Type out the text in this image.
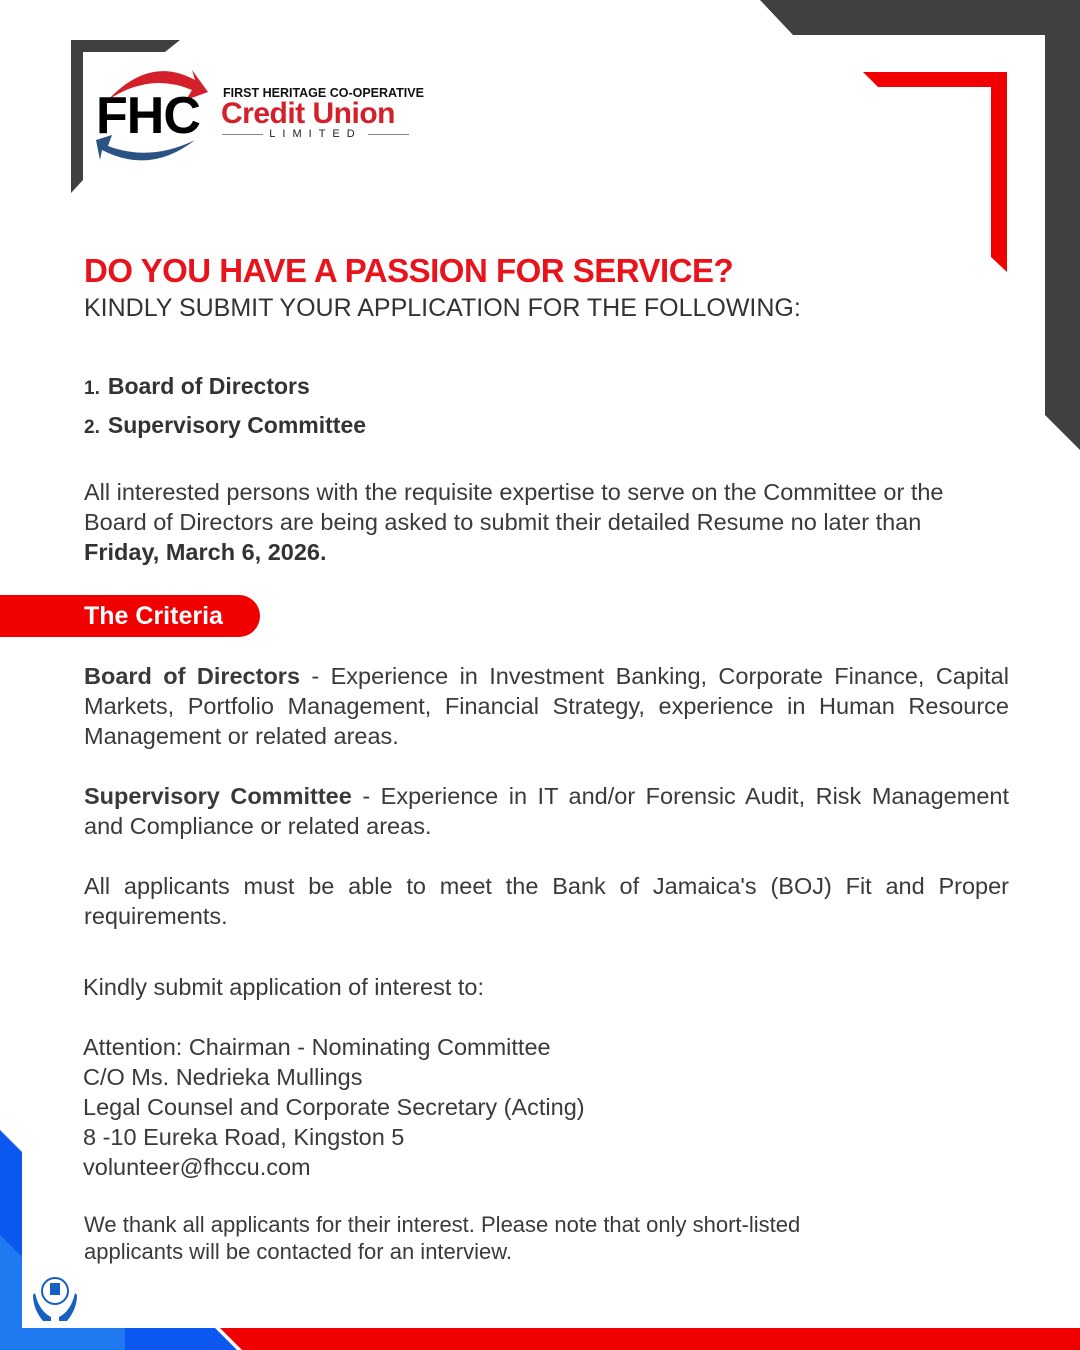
FHC FIRST HERITAGE CO-OPERATIVE
Credit Union
LIMITED
DO YOU HAVE A PASSION FOR SERVICE?
KINDLY SUBMIT YOUR APPLICATION FOR THE FOLLOWING:
1. Board of Directors
2. Supervisory Committee
All interested persons with the requisite expertise to serve on the Committee or the Board of Directors are being asked to submit their detailed Resume no later than Friday, March 6, 2026.
The Criteria
Board of Directors - Experience in Investment Banking, Corporate Finance, Capital Markets, Portfolio Management, Financial Strategy, experience in Human Resource Management or related areas.
Supervisory Committee - Experience in IT and/or Forensic Audit, Risk Management and Compliance or related areas.
All applicants must be able to meet the Bank of Jamaica's (BOJ) Fit and Proper requirements.
Kindly submit application of interest to:
Attention: Chairman - Nominating Committee
C/O Ms. Nedrieka Mullings
Legal Counsel and Corporate Secretary (Acting)
8 -10 Eureka Road, Kingston 5
volunteer@fhccu.com
We thank all applicants for their interest. Please note that only short-listed applicants will be contacted for an interview.
